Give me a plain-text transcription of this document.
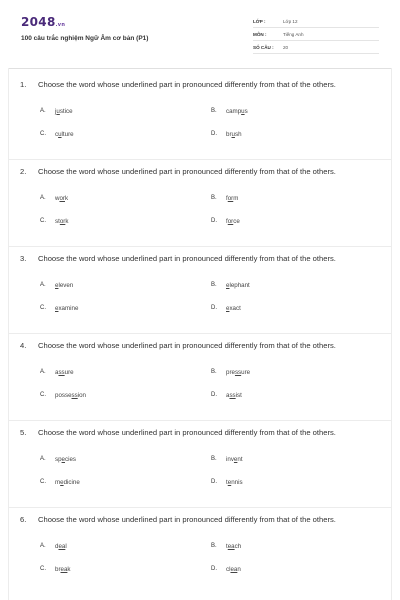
2048.vn
100 câu trắc nghiệm Ngữ Âm cơ bản (P1)
LỚP :	Lớp 12
MÔN :	Tiếng Anh
SỐ CÂU :	20
1.	Choose the word whose underlined part in pronounced differently from that of the others.
A.	justice	B.	campus
C.	culture	D.	brush
2.	Choose the word whose underlined part in pronounced differently from that of the others.
A.	work	B.	form
C.	stork	D.	force
3.	Choose the word whose underlined part in pronounced differently from that of the others.
A.	eleven	B.	elephant
C.	examine	D.	exact
4.	Choose the word whose underlined part in pronounced differently from that of the others.
A.	assure	B.	pressure
C.	possession	D.	assist
5.	Choose the word whose underlined part in pronounced differently from that of the others.
A.	species	B.	invent
C.	medicine	D.	tennis
6.	Choose the word whose underlined part in pronounced differently from that of the others.
A.	deal	B.	teach
C.	break	D.	clean
